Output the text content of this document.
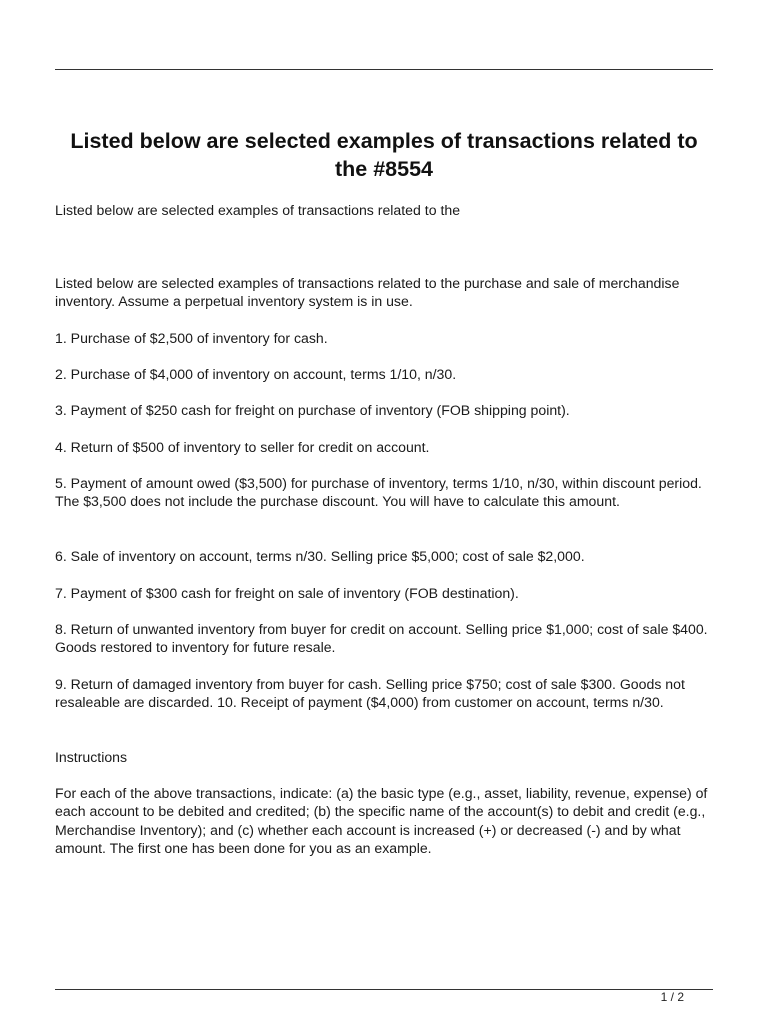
Listed below are selected examples of transactions related to the #8554

Listed below are selected examples of transactions related to the

Listed below are selected examples of transactions related to the purchase and sale of merchandise inventory. Assume a perpetual inventory system is in use.

1. Purchase of $2,500 of inventory for cash.

2. Purchase of $4,000 of inventory on account, terms 1/10, n/30.

3. Payment of $250 cash for freight on purchase of inventory (FOB shipping point).

4. Return of $500 of inventory to seller for credit on account.

5. Payment of amount owed ($3,500) for purchase of inventory, terms 1/10, n/30, within discount period. The $3,500 does not include the purchase discount. You will have to calculate this amount.

6. Sale of inventory on account, terms n/30. Selling price $5,000; cost of sale $2,000.

7. Payment of $300 cash for freight on sale of inventory (FOB destination).

8. Return of unwanted inventory from buyer for credit on account. Selling price $1,000; cost of sale $400. Goods restored to inventory for future resale.

9. Return of damaged inventory from buyer for cash. Selling price $750; cost of sale $300. Goods not resaleable are discarded. 10. Receipt of payment ($4,000) from customer on account, terms n/30.

Instructions

For each of the above transactions, indicate: (a) the basic type (e.g., asset, liability, revenue, expense) of each account to be debited and credited; (b) the specific name of the account(s) to debit and credit (e.g., Merchandise Inventory); and (c) whether each account is increased (+) or decreased (-) and by what amount. The first one has been done for you as an example.

1 / 2
